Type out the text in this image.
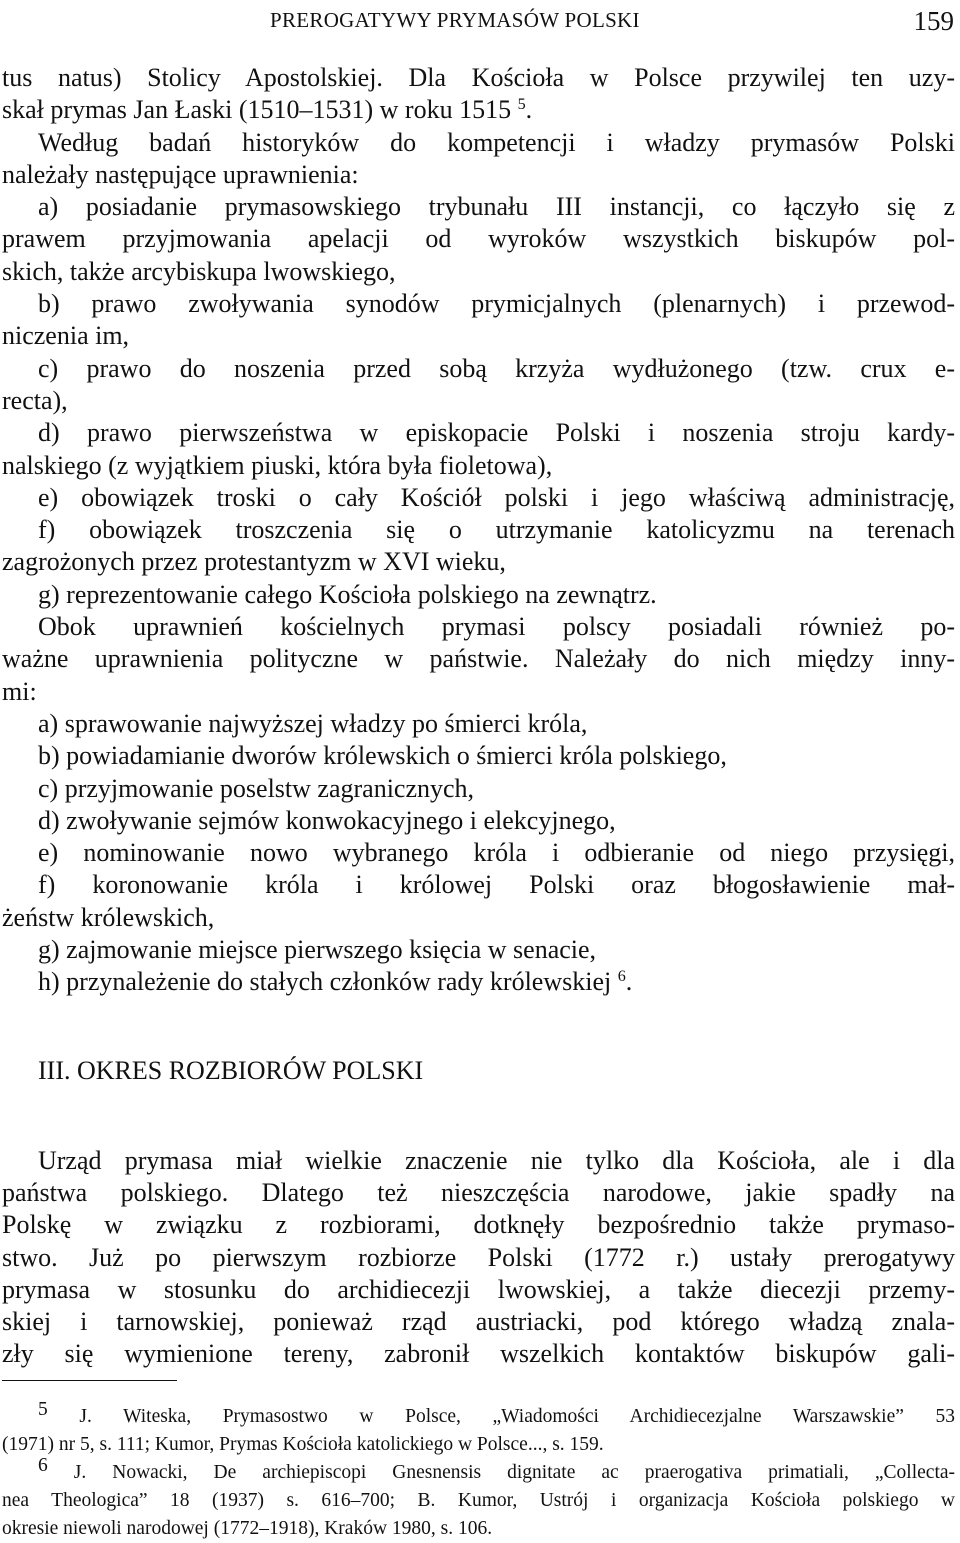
PREROGATYWY PRYMASÓW POLSKI	159
tus natus) Stolicy Apostolskiej. Dla Kościoła w Polsce przywilej ten uzy-
skał prymas Jan Łaski (1510–1531) w roku 1515 $^5$.
Według badań historyków do kompetencji i władzy prymasów Polski
należały następujące uprawnienia:
a) posiadanie prymasowskiego trybunału III instancji, co łączyło się z
prawem przyjmowania apelacji od wyroków wszystkich biskupów pol-
skich, także arcybiskupa lwowskiego,
b) prawo zwoływania synodów prymicjalnych (plenarnych) i przewod-
niczenia im,
c) prawo do noszenia przed sobą krzyża wydłużonego (tzw. crux e-
recta),
d) prawo pierwszeństwa w episkopacie Polski i noszenia stroju kardy-
nalskiego (z wyjątkiem piuski, która była fioletowa),
e) obowiązek troski o cały Kościół polski i jego właściwą administrację,
f) obowiązek troszczenia się o utrzymanie katolicyzmu na terenach
zagrożonych przez protestantyzm w XVI wieku,
g) reprezentowanie całego Kościoła polskiego na zewnątrz.
Obok uprawnień kościelnych prymasi polscy posiadali również po-
ważne uprawnienia polityczne w państwie. Należały do nich między inny-
mi:
a) sprawowanie najwyższej władzy po śmierci króla,
b) powiadamianie dworów królewskich o śmierci króla polskiego,
c) przyjmowanie poselstw zagranicznych,
d) zwoływanie sejmów konwokacyjnego i elekcyjnego,
e) nominowanie nowo wybranego króla i odbieranie od niego przysięgi,
f) koronowanie króla i królowej Polski oraz błogosławienie mał-
żeństw królewskich,
g) zajmowanie miejsce pierwszego księcia w senacie,
h) przynależenie do stałych członków rady królewskiej $^6$.
III. OKRES ROZBIORÓW POLSKI
Urząd prymasa miał wielkie znaczenie nie tylko dla Kościoła, ale i dla
państwa polskiego. Dlatego też nieszczęścia narodowe, jakie spadły na
Polskę w związku z rozbiorami, dotknęły bezpośrednio także prymaso-
stwo. Już po pierwszym rozbiorze Polski (1772 r.) ustały prerogatywy
prymasa w stosunku do archidiecezji lwowskiej, a także diecezji przemy-
skiej i tarnowskiej, ponieważ rząd austriacki, pod którego władzą znala-
zły się wymienione tereny, zabronił wszelkich kontaktów biskupów gali-
$^5$ J. Witeska, Prymasostwo w Polsce, „Wiadomości Archidiecezjalne Warszawskie” 53
(1971) nr 5, s. 111; Kumor, Prymas Kościoła katolickiego w Polsce..., s. 159.
$^6$ J. Nowacki, De archiepiscopi Gnesnensis dignitate ac praerogativa primatiali, „Collecta-
nea Theologica” 18 (1937) s. 616–700; B. Kumor, Ustrój i organizacja Kościoła polskiego w
okresie niewoli narodowej (1772–1918), Kraków 1980, s. 106.
